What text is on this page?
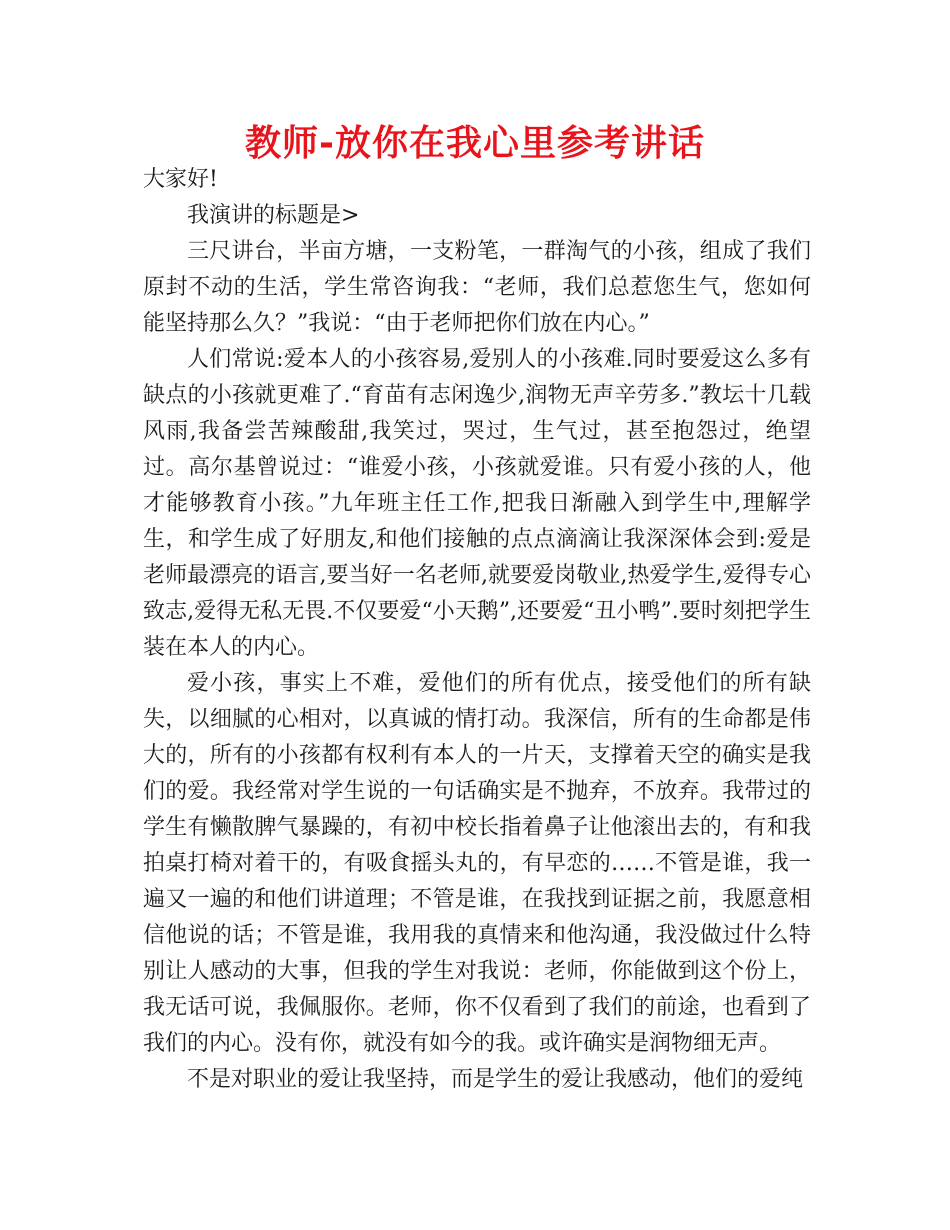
教师-放你在我心里参考讲话

大家好!

我演讲的标题是>

三尺讲台，半亩方塘，一支粉笔，一群淘气的小孩，组成了我们原封不动的生活，学生常咨询我：“老师，我们总惹您生气，您如何能坚持那么久？”我说：“由于老师把你们放在内心。”

人们常说:爱本人的小孩容易,爱别人的小孩难.同时要爱这么多有缺点的小孩就更难了.“育苗有志闲逸少,润物无声辛劳多.”教坛十几载风雨,我备尝苦辣酸甜,我笑过，哭过，生气过，甚至抱怨过，绝望过。高尔基曾说过：“谁爱小孩，小孩就爱谁。只有爱小孩的人，他才能够教育小孩。”九年班主任工作,把我日渐融入到学生中,理解学生，和学生成了好朋友,和他们接触的点点滴滴让我深深体会到:爱是老师最漂亮的语言,要当好一名老师,就要爱岗敬业,热爱学生,爱得专心致志,爱得无私无畏.不仅要爱“小天鹅”,还要爱“丑小鸭”.要时刻把学生装在本人的内心。

爱小孩，事实上不难，爱他们的所有优点，接受他们的所有缺失，以细腻的心相对，以真诚的情打动。我深信，所有的生命都是伟大的，所有的小孩都有权利有本人的一片天，支撑着天空的确实是我们的爱。我经常对学生说的一句话确实是不抛弃，不放弃。我带过的学生有懒散脾气暴躁的，有初中校长指着鼻子让他滚出去的，有和我拍桌打椅对着干的，有吸食摇头丸的，有早恋的……不管是谁，我一遍又一遍的和他们讲道理；不管是谁，在我找到证据之前，我愿意相信他说的话；不管是谁，我用我的真情来和他沟通，我没做过什么特别让人感动的大事，但我的学生对我说：老师，你能做到这个份上，我无话可说，我佩服你。老师，你不仅看到了我们的前途，也看到了我们的内心。没有你，就没有如今的我。或许确实是润物细无声。

不是对职业的爱让我坚持，而是学生的爱让我感动，他们的爱纯
